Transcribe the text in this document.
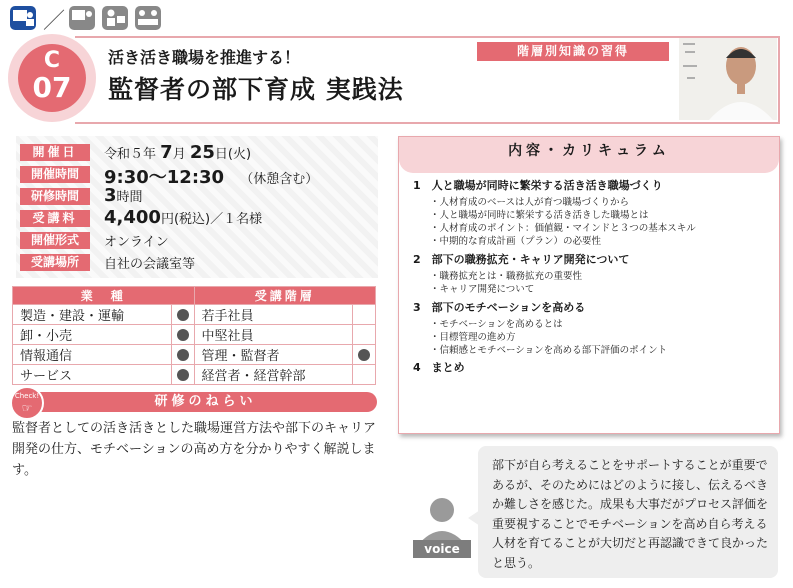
／
C
07
活き活き職場を推進する！
監督者の部下育成 実践法
階層別知識の習得
開催日	令和５年 7月 25日(火)
開催時間	9:30～12:30 （休憩含む）
研修時間	3時間
受講料	4,400円(税込)／１名様
開催形式	オンライン
受講場所	自社の会議室等
業　種		受講階層	
製造・建設・運輸		若手社員	
卸・小売		中堅社員	
情報通信		管理・監督者	
サービス		経営者・経営幹部	
研修のねらい
Check!
☞
監督者としての活き活きとした職場運営方法や部下のキャリア開発の仕方、モチベーションの高め方を分かりやすく解説します。
内容・カリキュラム
1　人と職場が同時に繁栄する活き活き職場づくり
・人材育成のベースは人が育つ職場づくりから
・人と職場が同時に繁栄する活き活きした職場とは
・人材育成のポイント：価値観・マインドと３つの基本スキル
・中期的な育成計画（プラン）の必要性
2　部下の職務拡充・キャリア開発について
・職務拡充とは・職務拡充の重要性
・キャリア開発について
3　部下のモチベーションを高める
・モチベーションを高めるとは
・目標管理の進め方
・信頼感とモチベーションを高める部下評価のポイント
4　まとめ
voice
部下が自ら考えることをサポートすることが重要であるが、そのためにはどのように接し、伝えるべきか難しさを感じた。成果も大事だがプロセス評価を重要視することでモチベーションを高め自ら考える人材を育てることが大切だと再認識できて良かったと思う。
